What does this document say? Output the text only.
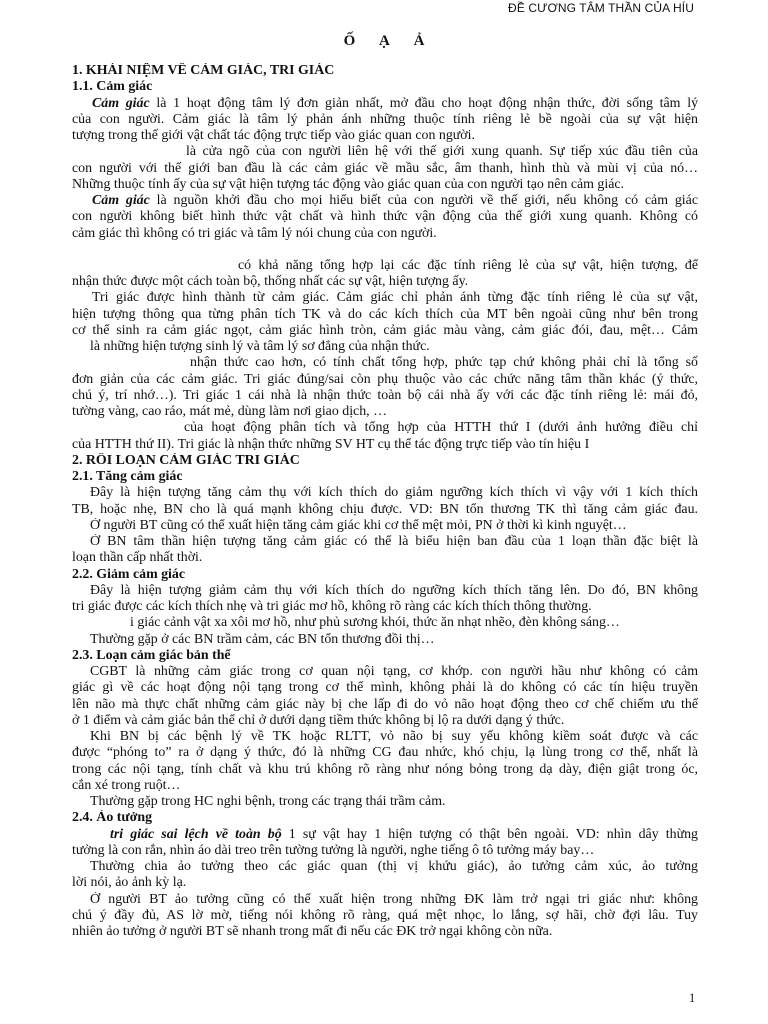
ĐỀ CƯƠNG TÂM THẦN CỦA HÍU
Ố Ạ Ả
1. KHÁI NIỆM VỀ CẢM GIÁC, TRI GIÁC
1.1. Cảm giác
Cảm giác là 1 hoạt động tâm lý đơn giản nhất, mở đầu cho hoạt động nhận thức, đời sống tâm lý
của con người. Cảm giác là tâm lý phản ánh những thuộc tính riêng lẻ bề ngoài của sự vật hiện
tượng trong thế giới vật chất tác động trực tiếp vào giác quan con người.
là cửa ngõ của con người liên hệ với thế giới xung quanh. Sự tiếp xúc đầu tiên của
con người với thế giới ban đầu là các cảm giác về mầu sắc, âm thanh, hình thù và mùi vị của nó…
Những thuộc tính ấy của sự vật hiện tượng tác động vào giác quan của con người tạo nên cảm giác.
Cảm giác là nguồn khởi đầu cho mọi hiểu biết của con người về thế giới, nếu không có cảm giác
con người không biết hình thức vật chất và hình thức vận động của thế giới xung quanh. Không có
cảm giác thì không có tri giác và tâm lý nói chung của con người.
có khả năng tổng hợp lại các đặc tính riêng lẻ của sự vật, hiện tượng, để
nhận thức được một cách toàn bộ, thống nhất các sự vật, hiện tượng ấy.
Tri giác được hình thành từ cảm giác. Cảm giác chỉ phản ánh từng đặc tính riêng lẻ của sự vật,
hiện tượng thông qua từng phân tích TK và do các kích thích của MT bên ngoài cũng như bên trong
cơ thể sinh ra cảm giác ngọt, cảm giác hình tròn, cảm giác màu vàng, cảm giác đói, đau, mệt… Cảm
là những hiện tượng sinh lý và tâm lý sơ đẳng của nhận thức.
nhận thức cao hơn, có tính chất tổng hợp, phức tạp chứ không phải chỉ là tổng số
đơn giản của các cảm giác. Tri giác đúng/sai còn phụ thuộc vào các chức năng tâm thần khác (ý thức,
chú ý, trí nhớ…). Tri giác 1 cái nhà là nhận thức toàn bộ cái nhà ấy với các đặc tính riêng lẻ: mái đỏ,
tường vàng, cao ráo, mát mẻ, dùng làm nơi giao dịch, …
của hoạt động phân tích và tổng hợp của HTTH thứ I (dưới ảnh hưởng điều chỉ
của HTTH thứ II). Tri giác là nhận thức những SV HT cụ thể tác động trực tiếp vào tín hiệu I
2. RỐI LOẠN CẢM GIÁC TRI GIÁC
2.1. Tăng cảm giác
Đây là hiện tượng tăng cảm thụ với kích thích do giảm ngưỡng kích thích vì vậy với 1 kích thích
TB, hoặc nhẹ, BN cho là quá mạnh không chịu được. VD: BN tổn thương TK thì tăng cảm giác đau.
Ở người BT cũng có thể xuất hiện tăng cảm giác khi cơ thể mệt mỏi, PN ở thời kì kinh nguyệt…
Ở BN tâm thần hiện tượng tăng cảm giác có thể là biểu hiện ban đầu của 1 loạn thần đặc biệt là
loạn thần cấp nhất thời.
2.2. Giảm cảm giác
Đây là hiện tượng giảm cảm thụ với kích thích do ngưỡng kích thích tăng lên. Do đó, BN không
tri giác được các kích thích nhẹ và tri giác mơ hồ, không rõ ràng các kích thích thông thường.
i giác cảnh vật xa xôi mơ hồ, như phủ sương khói, thức ăn nhạt nhẽo, đèn không sáng…
Thường gặp ở các BN trầm cảm, các BN tổn thương đồi thị…
2.3. Loạn cảm giác bản thể
CGBT là những cảm giác trong cơ quan nội tạng, cơ khớp. con người hầu như không có cảm
giác gì về các hoạt động nội tạng trong cơ thể mình, không phải là do không có các tín hiệu truyền
lên não mà thực chất những cảm giác này bị che lấp đi do vỏ não hoạt động theo cơ chế chiếm ưu thế
ở 1 điểm và cảm giác bản thể chỉ ở dưới dạng tiềm thức không bị lộ ra dưới dạng ý thức.
Khi BN bị các bệnh lý về TK hoặc RLTT, vỏ não bị suy yếu không kiềm soát được và các
được “phóng to” ra ở dạng ý thức, đó là những CG đau nhức, khó chịu, lạ lùng trong cơ thể, nhất là
trong các nội tạng, tính chất và khu trú không rõ ràng như nóng bỏng trong dạ dày, điện giật trong óc,
cắn xé trong ruột…
Thường gặp trong HC nghi bệnh, trong các trạng thái trầm cảm.
2.4. Ảo tưởng
tri giác sai lệch về toàn bộ 1 sự vật hay 1 hiện tượng có thật bên ngoài. VD: nhìn dây thừng
tưởng là con rắn, nhìn áo dài treo trên tường tưởng là người, nghe tiếng ô tô tưởng máy bay…
Thường chia ảo tưởng theo các giác quan (thị vị khứu giác), ảo tưởng cảm xúc, ảo tưởng
lời nói, ảo ảnh kỳ lạ.
Ở người BT ảo tưởng cũng có thể xuất hiện trong những ĐK làm trở ngại tri giác như: không
chú ý đầy đủ, AS lờ mờ, tiếng nói không rõ ràng, quá mệt nhọc, lo lắng, sợ hãi, chờ đợi lâu. Tuy
nhiên ảo tưởng ở người BT sẽ nhanh trong mất đi nếu các ĐK trở ngại không còn nữa.
1
